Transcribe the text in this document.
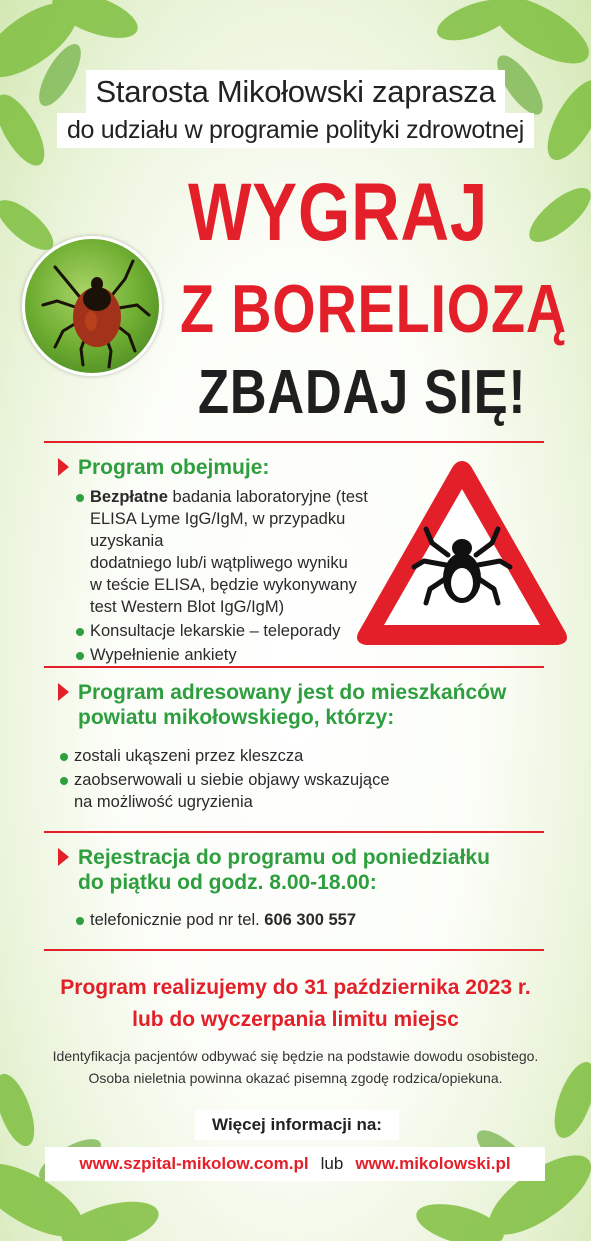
Starosta Mikołowski zaprasza
do udziału w programie polityki zdrowotnej
WYGRAJ
Z BORELIOZĄ
ZBADAJ SIĘ!
Program obejmuje:
Bezpłatne badania laboratoryjne (test
ELISA Lyme IgG/IgM, w przypadku uzyskania
dodatniego lub/i wątpliwego wyniku
w teście ELISA, będzie wykonywany
test Western Blot IgG/IgM)
Konsultacje lekarskie – teleporady
Wypełnienie ankiety
Program adresowany jest do mieszkańców
powiatu mikołowskiego, którzy:
zostali ukąszeni przez kleszcza
zaobserwowali u siebie objawy wskazujące
na możliwość ugryzienia
Rejestracja do programu od poniedziałku
do piątku od godz. 8.00-18.00:
telefonicznie pod nr tel. 606 300 557
Program realizujemy do 31 października 2023 r.
lub do wyczerpania limitu miejsc
Identyfikacja pacjentów odbywać się będzie na podstawie dowodu osobistego.
Osoba nieletnia powinna okazać pisemną zgodę rodzica/opiekuna.
Więcej informacji na:
www.szpital-mikolow.com.pl lub www.mikolowski.pl
